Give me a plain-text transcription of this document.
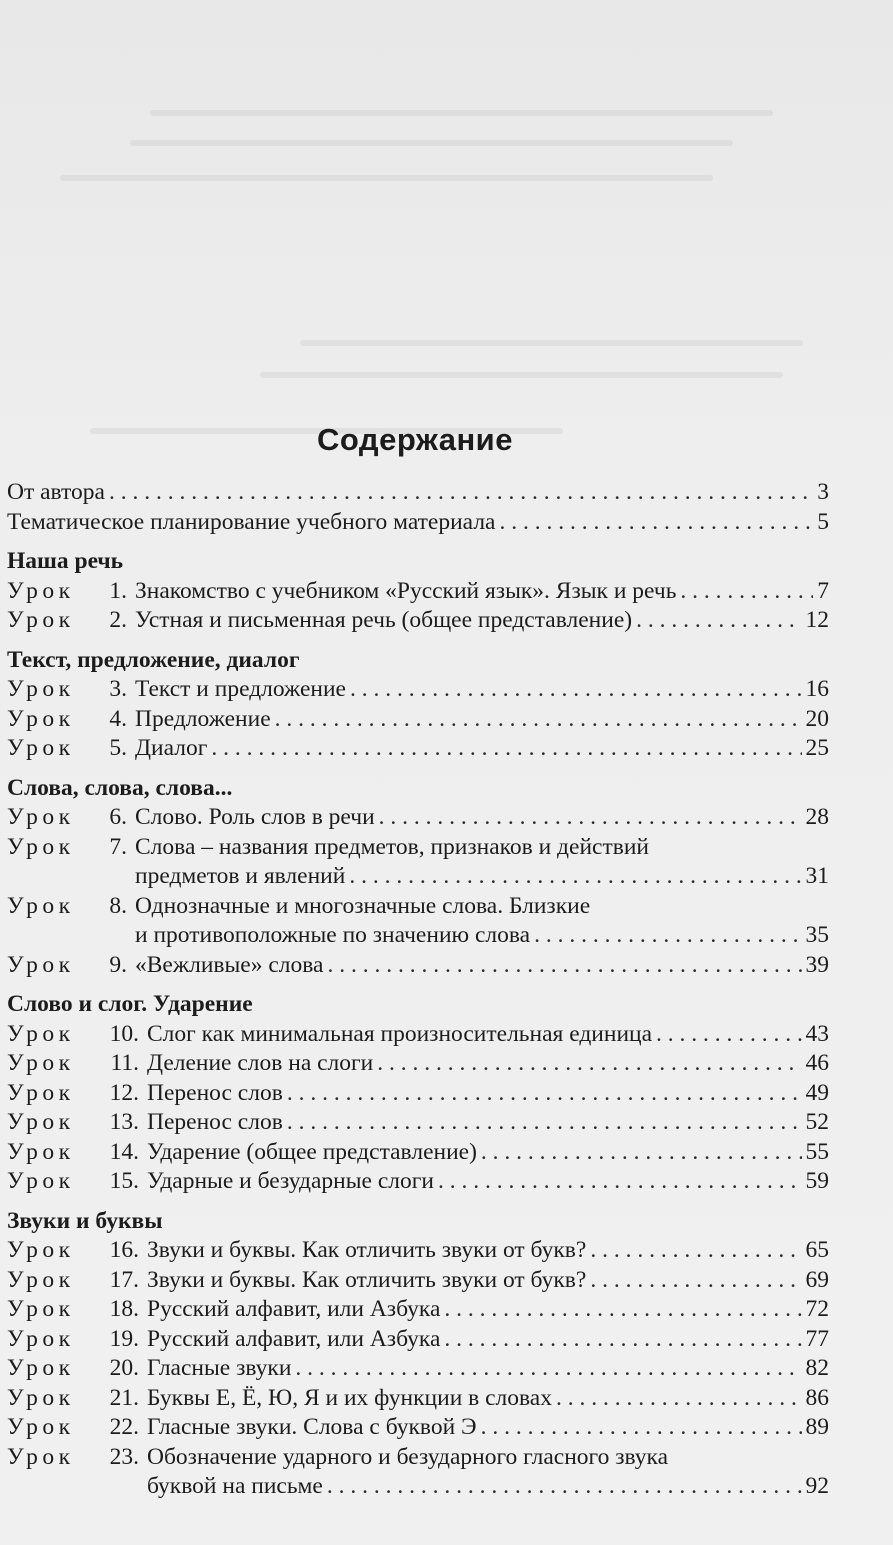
Содержание
От автора . . .	3
Тематическое планирование учебного материала . . .	5
Наша речь
Урок	1. Знакомство с учебником «Русский язык». Язык и речь . . .	7
Урок	2. Устная и письменная речь (общее представление) . . .	12
Текст, предложение, диалог
Урок	3. Текст и предложение . . .	16
Урок	4. Предложение . . .	20
Урок	5. Диалог . . .	25
Слова, слова, слова...
Урок	6. Слово. Роль слов в речи . . .	28
Урок	7. Слова – названия предметов, признаков и действий
предметов и явлений . . .	31
Урок	8. Однозначные и многозначные слова. Близкие
и противоположные по значению слова . . .	35
Урок	9. «Вежливые» слова . . .	39
Слово и слог. Ударение
Урок	10. Слог как минимальная произносительная единица . . .	43
Урок	11. Деление слов на слоги . . .	46
Урок	12. Перенос слов . . .	49
Урок	13. Перенос слов . . .	52
Урок	14. Ударение (общее представление) . . .	55
Урок	15. Ударные и безударные слоги . . .	59
Звуки и буквы
Урок	16. Звуки и буквы. Как отличить звуки от букв? . . .	65
Урок	17. Звуки и буквы. Как отличить звуки от букв? . . .	69
Урок	18. Русский алфавит, или Азбука . . .	72
Урок	19. Русский алфавит, или Азбука . . .	77
Урок	20. Гласные звуки . . .	82
Урок	21. Буквы Е, Ё, Ю, Я и их функции в словах . . .	86
Урок	22. Гласные звуки. Слова с буквой Э . . .	89
Урок	23. Обозначение ударного и безударного гласного звука
буквой на письме . . .	92
